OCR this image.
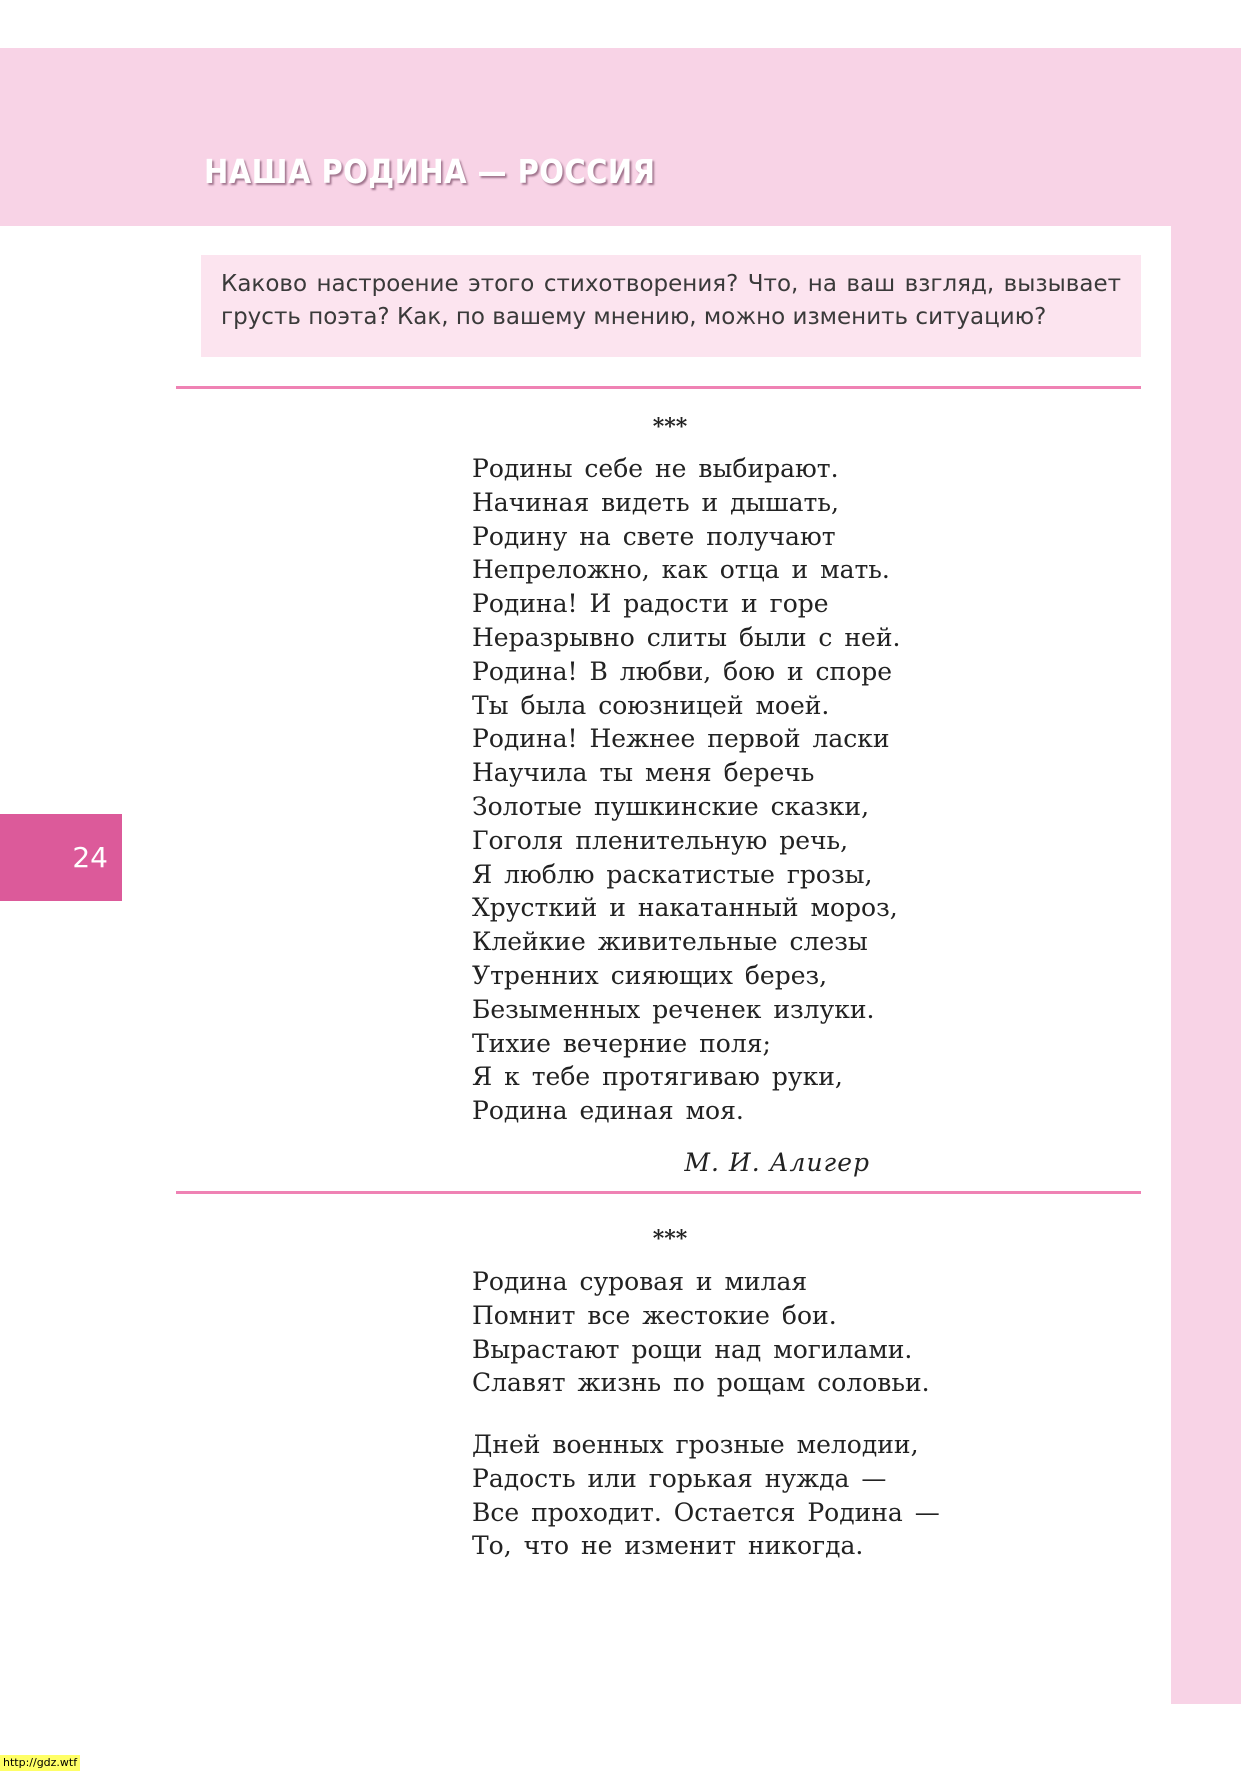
НАША РОДИНА — РОССИЯ

Каково настроение этого стихотворения? Что, на ваш взгляд, вызывает грусть поэта? Как, по вашему мнению, можно изменить ситуацию?

24
***
Родины себе не выбирают.
Начиная видеть и дышать,
Родину на свете получают
Непреложно, как отца и мать.
Родина! И радости и горе
Неразрывно слиты были с ней.
Родина! В любви, бою и споре
Ты была союзницей моей.
Родина! Нежнее первой ласки
Научила ты меня беречь
Золотые пушкинские сказки,
Гоголя пленительную речь,
Я люблю раскатистые грозы,
Хрусткий и накатанный мороз,
Клейкие живительные слезы
Утренних сияющих берез,
Безыменных реченек излуки.
Тихие вечерние поля;
Я к тебе протягиваю руки,
Родина единая моя.
М. И. Алигер
***
Родина суровая и милая
Помнит все жестокие бои.
Вырастают рощи над могилами.
Славят жизнь по рощам соловьи.
Дней военных грозные мелодии,
Радость или горькая нужда —
Все проходит. Остается Родина —
То, что не изменит никогда.
http://gdz.wtf
